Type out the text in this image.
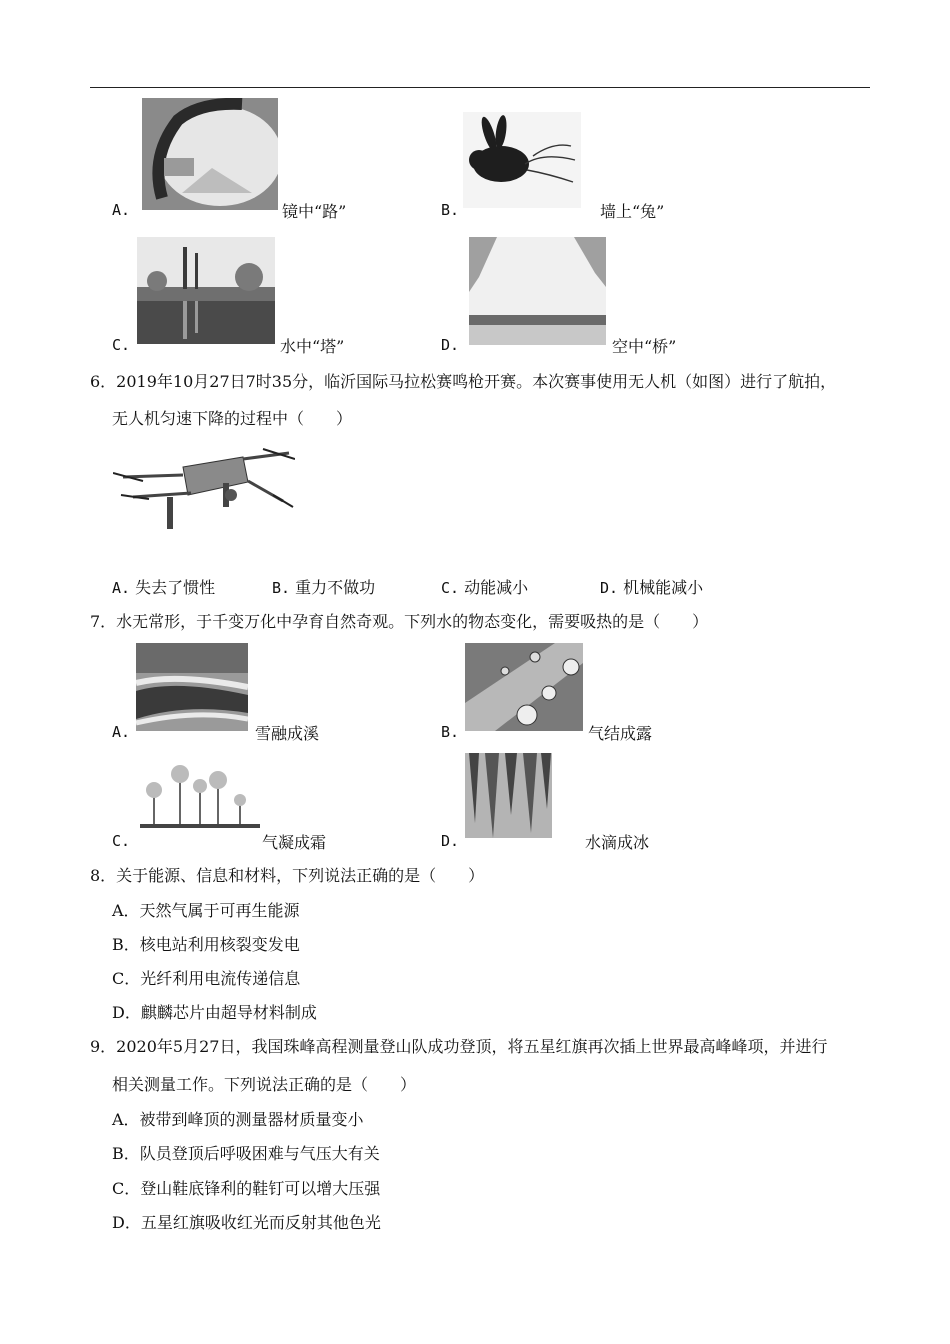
A.	镜中“路”	B.	墙上“兔”
C.	水中“塔”	D.	空中“桥”
6．2019年10月27日7时35分，临沂国际马拉松赛鸣枪开赛。本次赛事使用无人机（如图）进行了航拍，
无人机匀速下降的过程中（　　）
A. 失去了惯性	B. 重力不做功	C. 动能减小	D. 机械能减小
7．水无常形，于千变万化中孕育自然奇观。下列水的物态变化，需要吸热的是（　　）
A.	雪融成溪	B.	气结成露
C.	气凝成霜	D.	水滴成冰
8．关于能源、信息和材料，下列说法正确的是（　　）
A．天然气属于可再生能源
B．核电站利用核裂变发电
C．光纤利用电流传递信息
D．麒麟芯片由超导材料制成
9．2020年5月27日，我国珠峰高程测量登山队成功登顶，将五星红旗再次插上世界最高峰峰项，并进行
相关测量工作。下列说法正确的是（　　）
A．被带到峰顶的测量器材质量变小
B．队员登顶后呼吸困难与气压大有关
C．登山鞋底锋利的鞋钉可以增大压强
D．五星红旗吸收红光而反射其他色光
